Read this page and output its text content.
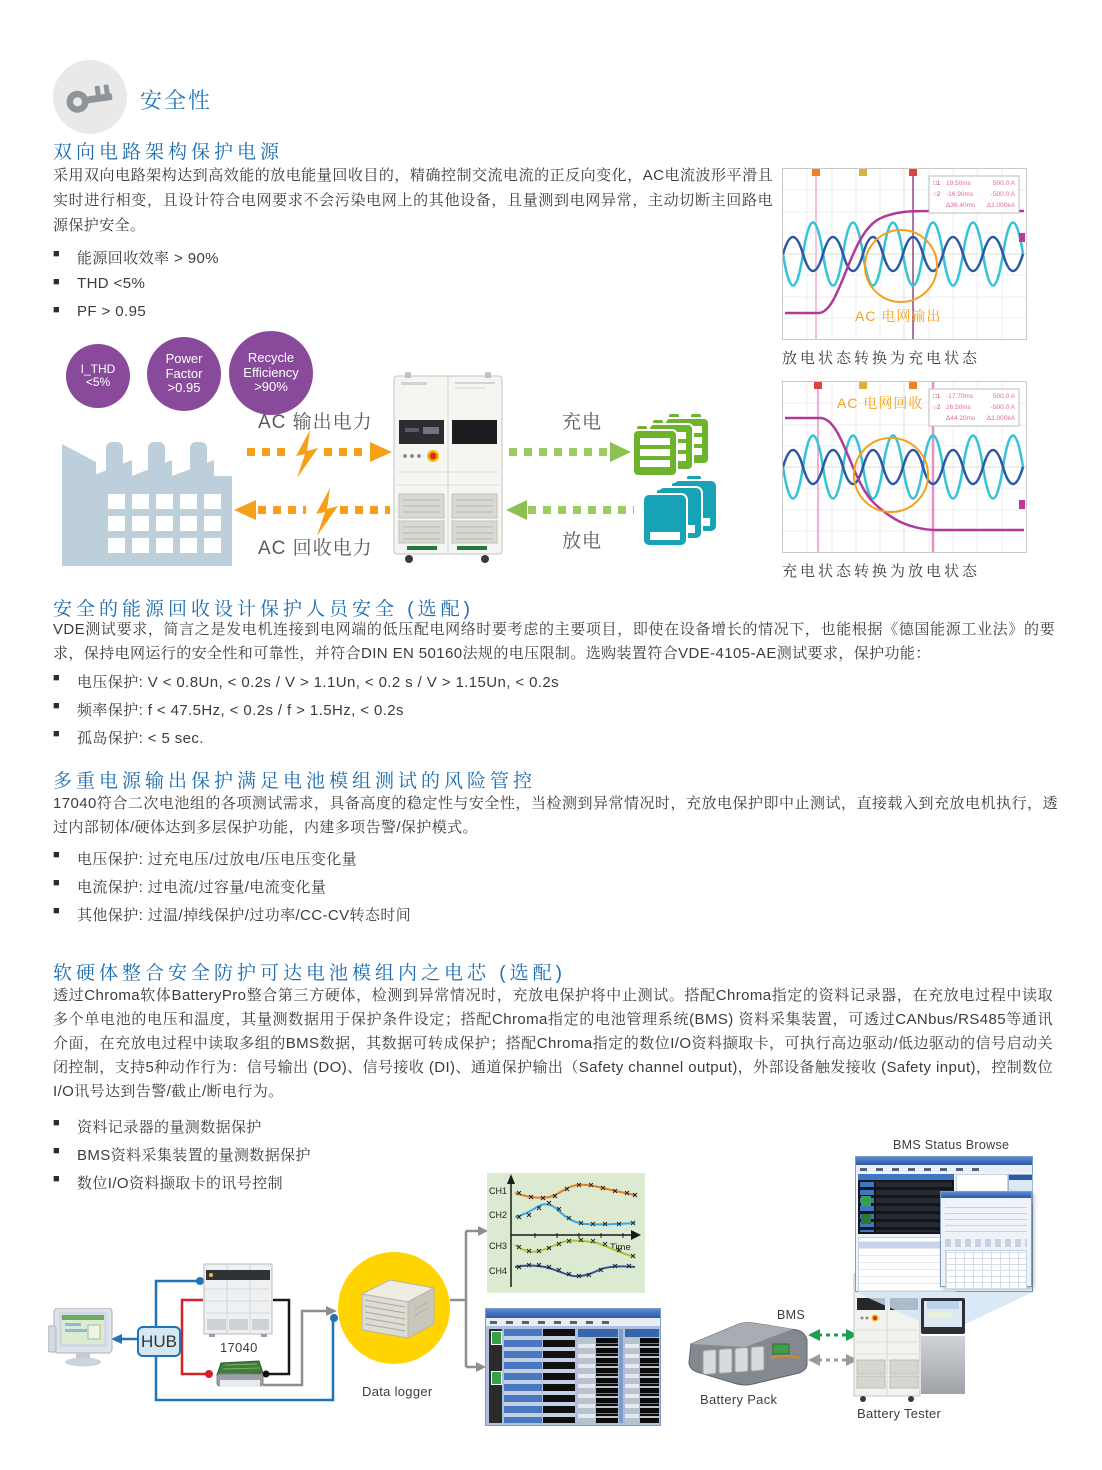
安全性
双向电路架构保护电源
采用双向电路架构达到高效能的放电能量回收目的，精确控制交流电流的正反向变化，AC电流波形平滑且实时进行相变，且设计符合电网要求不会污染电网上的其他设备，且量测到电网异常，主动切断主回路电源保护安全。
■ 能源回收效率 > 90%
■ THD <5%
■ PF > 0.95
I_THD
<5%
Power
Factor
>0.95
Recycle
Efficiency
>90%
AC 输出电力
AC 回收电力
充电
放电
AC 电网输出
□1 19.50ms	500.0 A
○2 -16.90ms	-500.0 A
Δ36.40ms Δ1.000kA
放电状态转换为充电状态
AC 电网回收 □1 -17.70ms	500.0 A
○2 26.50ms	-500.0 A
Δ44.20ms Δ1.000kA
充电状态转换为放电状态
安全的能源回收设计保护人员安全 (选配)
VDE测试要求，简言之是发电机连接到电网端的低压配电网络时要考虑的主要项目，即使在设备增长的情况下，也能根据《德国能源工业法》的要求，保持电网运行的安全性和可靠性，并符合DIN EN 50160法规的电压限制。选购装置符合VDE-4105-AE测试要求，保护功能：
■ 电压保护: V < 0.8Un, < 0.2s / V > 1.1Un, < 0.2 s / V > 1.15Un, < 0.2s
■ 频率保护: f < 47.5Hz, < 0.2s / f > 1.5Hz, < 0.2s
■ 孤岛保护: < 5 sec.
多重电源输出保护满足电池模组测试的风险管控
17040符合二次电池组的各项测试需求，具备高度的稳定性与安全性，当检测到异常情况时，充放电保护即中止测试，直接载入到充放电机执行，透过内部韧体/硬体达到多层保护功能，内建多项告警/保护模式。
■ 电压保护: 过充电压/过放电/压电压变化量
■ 电流保护: 过电流/过容量/电流变化量
■ 其他保护: 过温/掉线保护/过功率/CC-CV转态时间
软硬体整合安全防护可达电池模组内之电芯 (选配)
透过Chroma软体BatteryPro整合第三方硬体，检测到异常情况时，充放电保护将中止测试。搭配Chroma指定的资料记录器，在充放电过程中读取多个单电池的电压和温度，其量测数据用于保护条件设定；搭配Chroma指定的电池管理系统(BMS) 资料采集装置，可透过CANbus/RS485等通讯介面，在充放电过程中读取多组的BMS数据，其数据可转成保护；搭配Chroma指定的数位I/O资料撷取卡，可执行高边驱动/低边驱动的信号启动关闭控制，支持5种动作行为：信号输出 (DO)、信号接收 (DI)、通道保护输出（Safety channel output)，外部设备触发接收 (Safety input)，控制数位I/O讯号达到告警/截止/断电行为。
■ 资料记录器的量测数据保护
■ BMS资料采集装置的量测数据保护
■ 数位I/O资料撷取卡的讯号控制
HUB	17040
Data logger
CH1
CH2
CH3
CH4
Time
BMS Status Browse
Battery Pack
BMS
Battery Tester
